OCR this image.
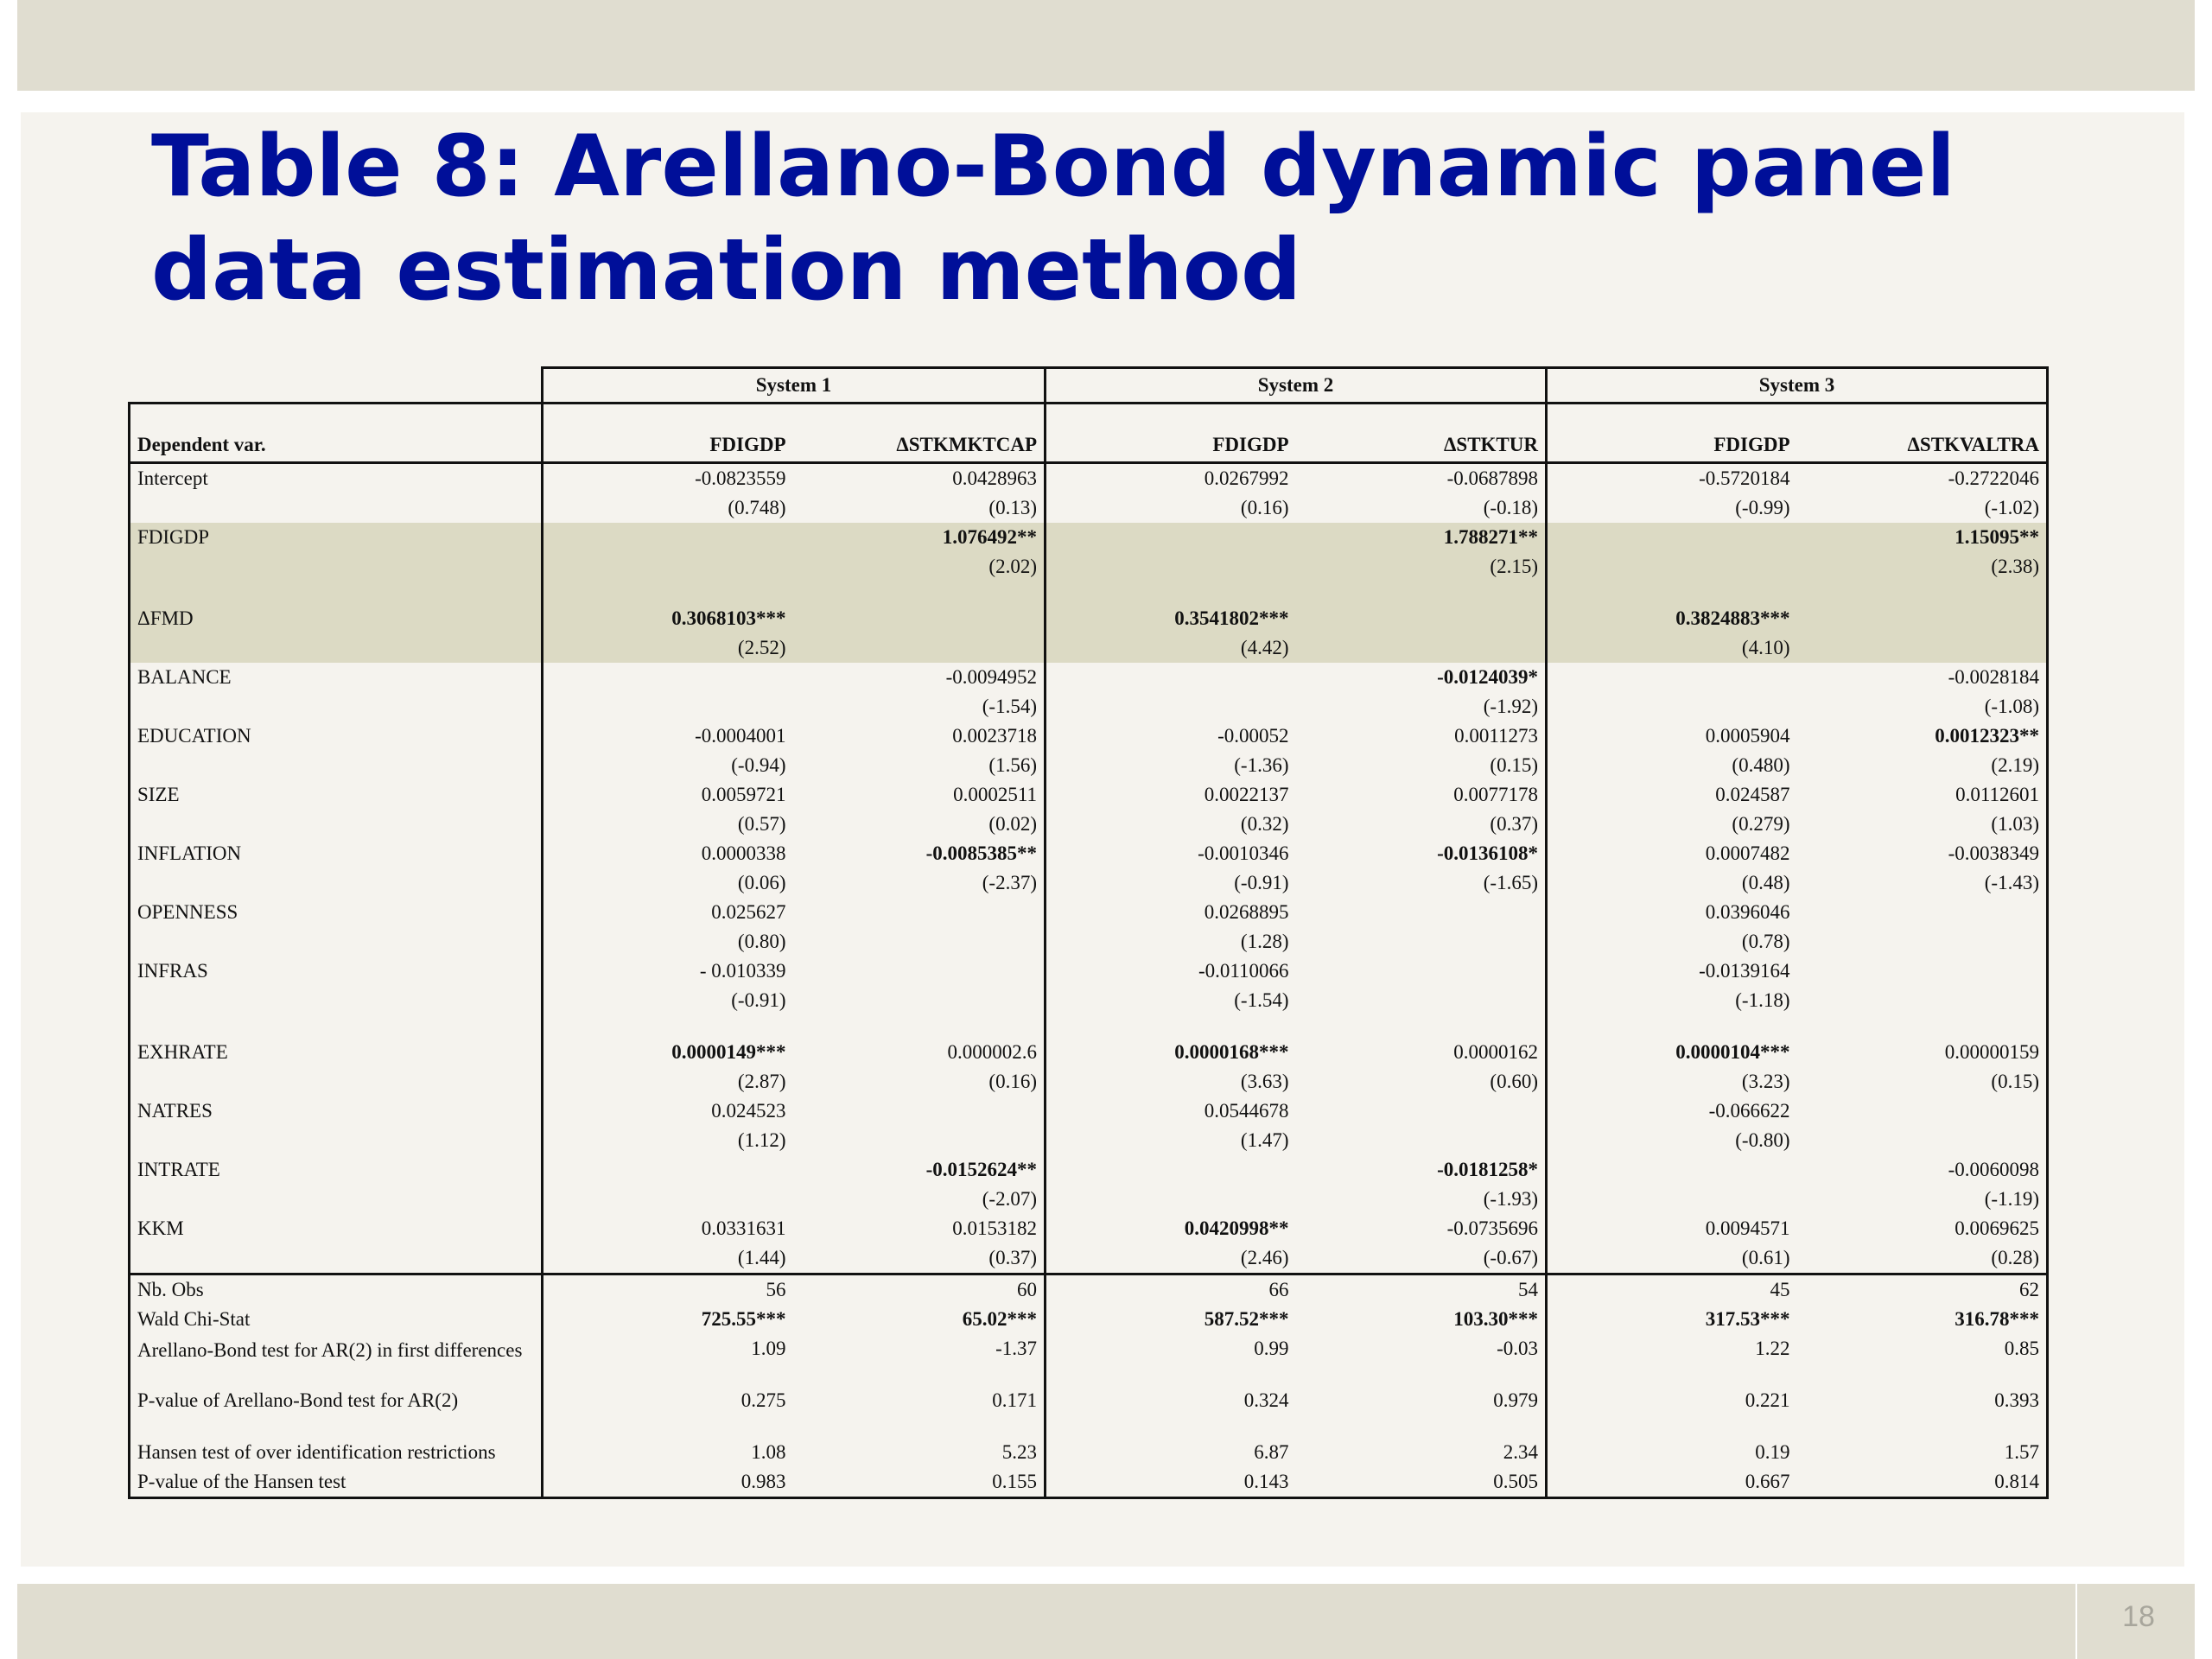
18
Table 8: Arellano-Bond dynamic panel
data estimation method
	System 1		System 2		System 3	
Dependent var.	FDIGDP	ΔSTKMKTCAP	FDIGDP	ΔSTKTUR	FDIGDP	ΔSTKVALTRA
Intercept	-0.0823559	0.0428963	0.0267992	-0.0687898	-0.5720184	-0.2722046
	(0.748)	(0.13)	(0.16)	(-0.18)	(-0.99)	(-1.02)
FDIGDP		1.076492**		1.788271**		1.15095**
		(2.02)		(2.15)		(2.38)

ΔFMD	0.3068103***		0.3541802***		0.3824883***	
	(2.52)		(4.42)		(4.10)	
BALANCE		-0.0094952		-0.0124039*		-0.0028184
		(-1.54)		(-1.92)		(-1.08)
EDUCATION	-0.0004001	0.0023718	-0.00052	0.0011273	0.0005904	0.0012323**
	(-0.94)	(1.56)	(-1.36)	(0.15)	(0.480)	(2.19)
SIZE	0.0059721	0.0002511	0.0022137	0.0077178	0.024587	0.0112601
	(0.57)	(0.02)	(0.32)	(0.37)	(0.279)	(1.03)
INFLATION	0.0000338	-0.0085385**	-0.0010346	-0.0136108*	0.0007482	-0.0038349
	(0.06)	(-2.37)	(-0.91)	(-1.65)	(0.48)	(-1.43)
OPENNESS	0.025627		0.0268895		0.0396046	
	(0.80)		(1.28)		(0.78)	
INFRAS	- 0.010339		-0.0110066		-0.0139164	
	(-0.91)		(-1.54)		(-1.18)	

EXHRATE	0.0000149***	0.000002.6	0.0000168***	0.0000162	0.0000104***	0.00000159
	(2.87)	(0.16)	(3.63)	(0.60)	(3.23)	(0.15)
NATRES	0.024523		0.0544678		-0.066622	
	(1.12)		(1.47)		(-0.80)	
INTRATE		-0.0152624**		-0.0181258*		-0.0060098
		(-2.07)		(-1.93)		(-1.19)
KKM	0.0331631	0.0153182	0.0420998**	-0.0735696	0.0094571	0.0069625
	(1.44)	(0.37)	(2.46)	(-0.67)	(0.61)	(0.28)
Nb. Obs	56	60	66	54	45	62
Wald Chi-Stat	725.55***	65.02***	587.52***	103.30***	317.53***	316.78***
Arellano-Bond test for AR(2) in first differences	1.09	-1.37	0.99	-0.03	1.22	0.85

P-value of Arellano-Bond test for AR(2)	0.275	0.171	0.324	0.979	0.221	0.393

Hansen test of over identification restrictions	1.08	5.23	6.87	2.34	0.19	1.57
P-value of the Hansen test	0.983	0.155	0.143	0.505	0.667	0.814
